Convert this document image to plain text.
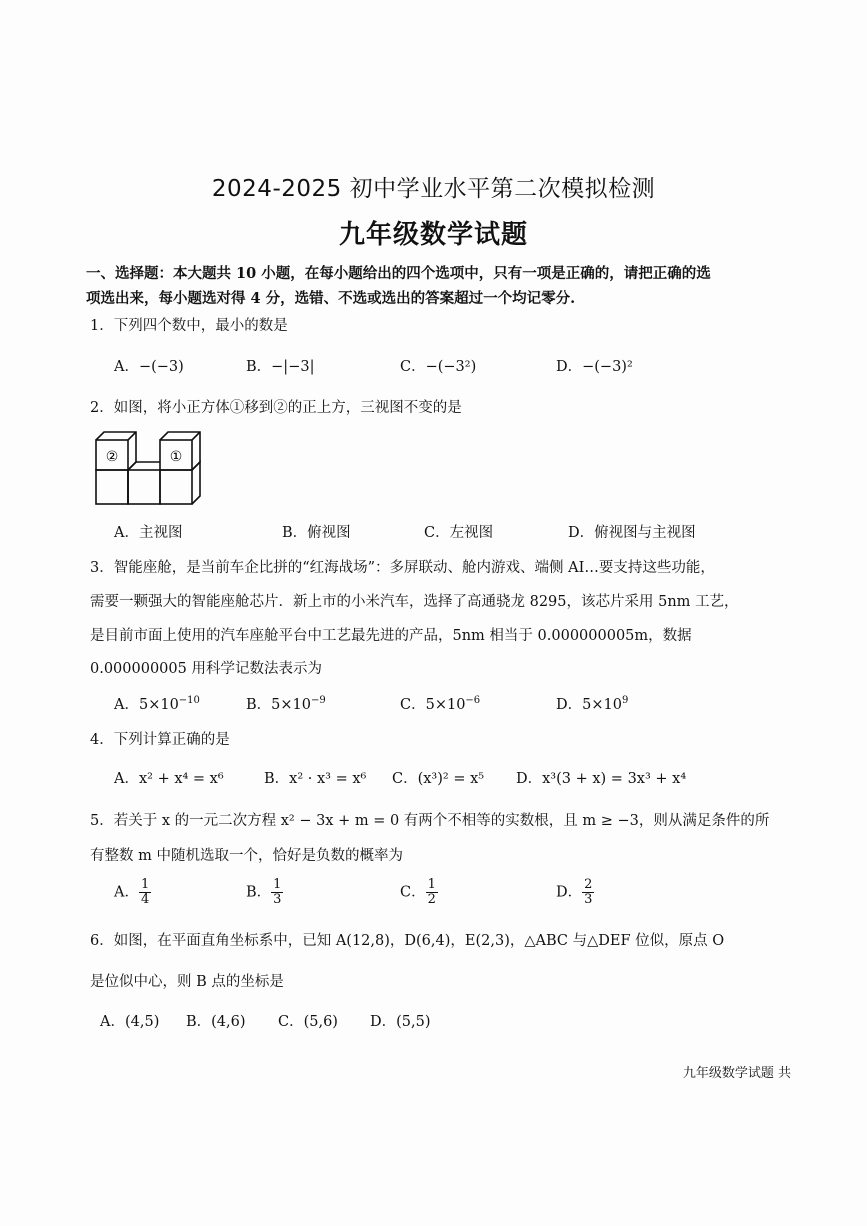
2024-2025 初中学业水平第二次模拟检测
九年级数学试题
一、选择题：本大题共 10 小题，在每小题给出的四个选项中，只有一项是正确的，请把正确的选
项选出来，每小题选对得 4 分，选错、不选或选出的答案超过一个均记零分.
1．下列四个数中，最小的数是
A．−(−3)	B．−|−3|	C．−(−3²)	D．−(−3)²
2．如图，将小正方体①移到②的正上方，三视图不变的是
②	①
A．主视图	B．俯视图	C．左视图	D．俯视图与主视图
3．智能座舱，是当前车企比拼的“红海战场”：多屏联动、舱内游戏、端侧 AI…要支持这些功能，
需要一颗强大的智能座舱芯片．新上市的小米汽车，选择了高通骁龙 8295，该芯片采用 5nm 工艺，
是目前市面上使用的汽车座舱平台中工艺最先进的产品，5nm 相当于 0.000000005m，数据
0.000000005 用科学记数法表示为
A．$5\times 10^{-10}$	B．$5\times 10^{-9}$	C．$5\times 10^{-6}$	D．$5\times 10^9$
4．下列计算正确的是
A．x² + x⁴ = x⁶	B．x² · x³ = x⁶ C．(x³)² = x⁵ D．x³(3 + x) = 3x³ + x⁴
5．若关于 x 的一元二次方程 x² − 3x + m = 0 有两个不相等的实数根，且 m ≥ −3，则从满足条件的所
有整数 m 中随机选取一个，恰好是负数的概率为
A． $\frac{1}{4}$	B． $\frac{1}{3}$	C． $\frac{1}{2}$	D． $\frac{2}{3}$
6．如图，在平面直角坐标系中，已知 A(12,8)，D(6,4)，E(2,3)，△ABC 与△DEF 位似，原点 O
是位似中心，则 B 点的坐标是
A．(4,5) B．(4,6) C．(5,6) D．(5,5)
九年级数学试题 共
